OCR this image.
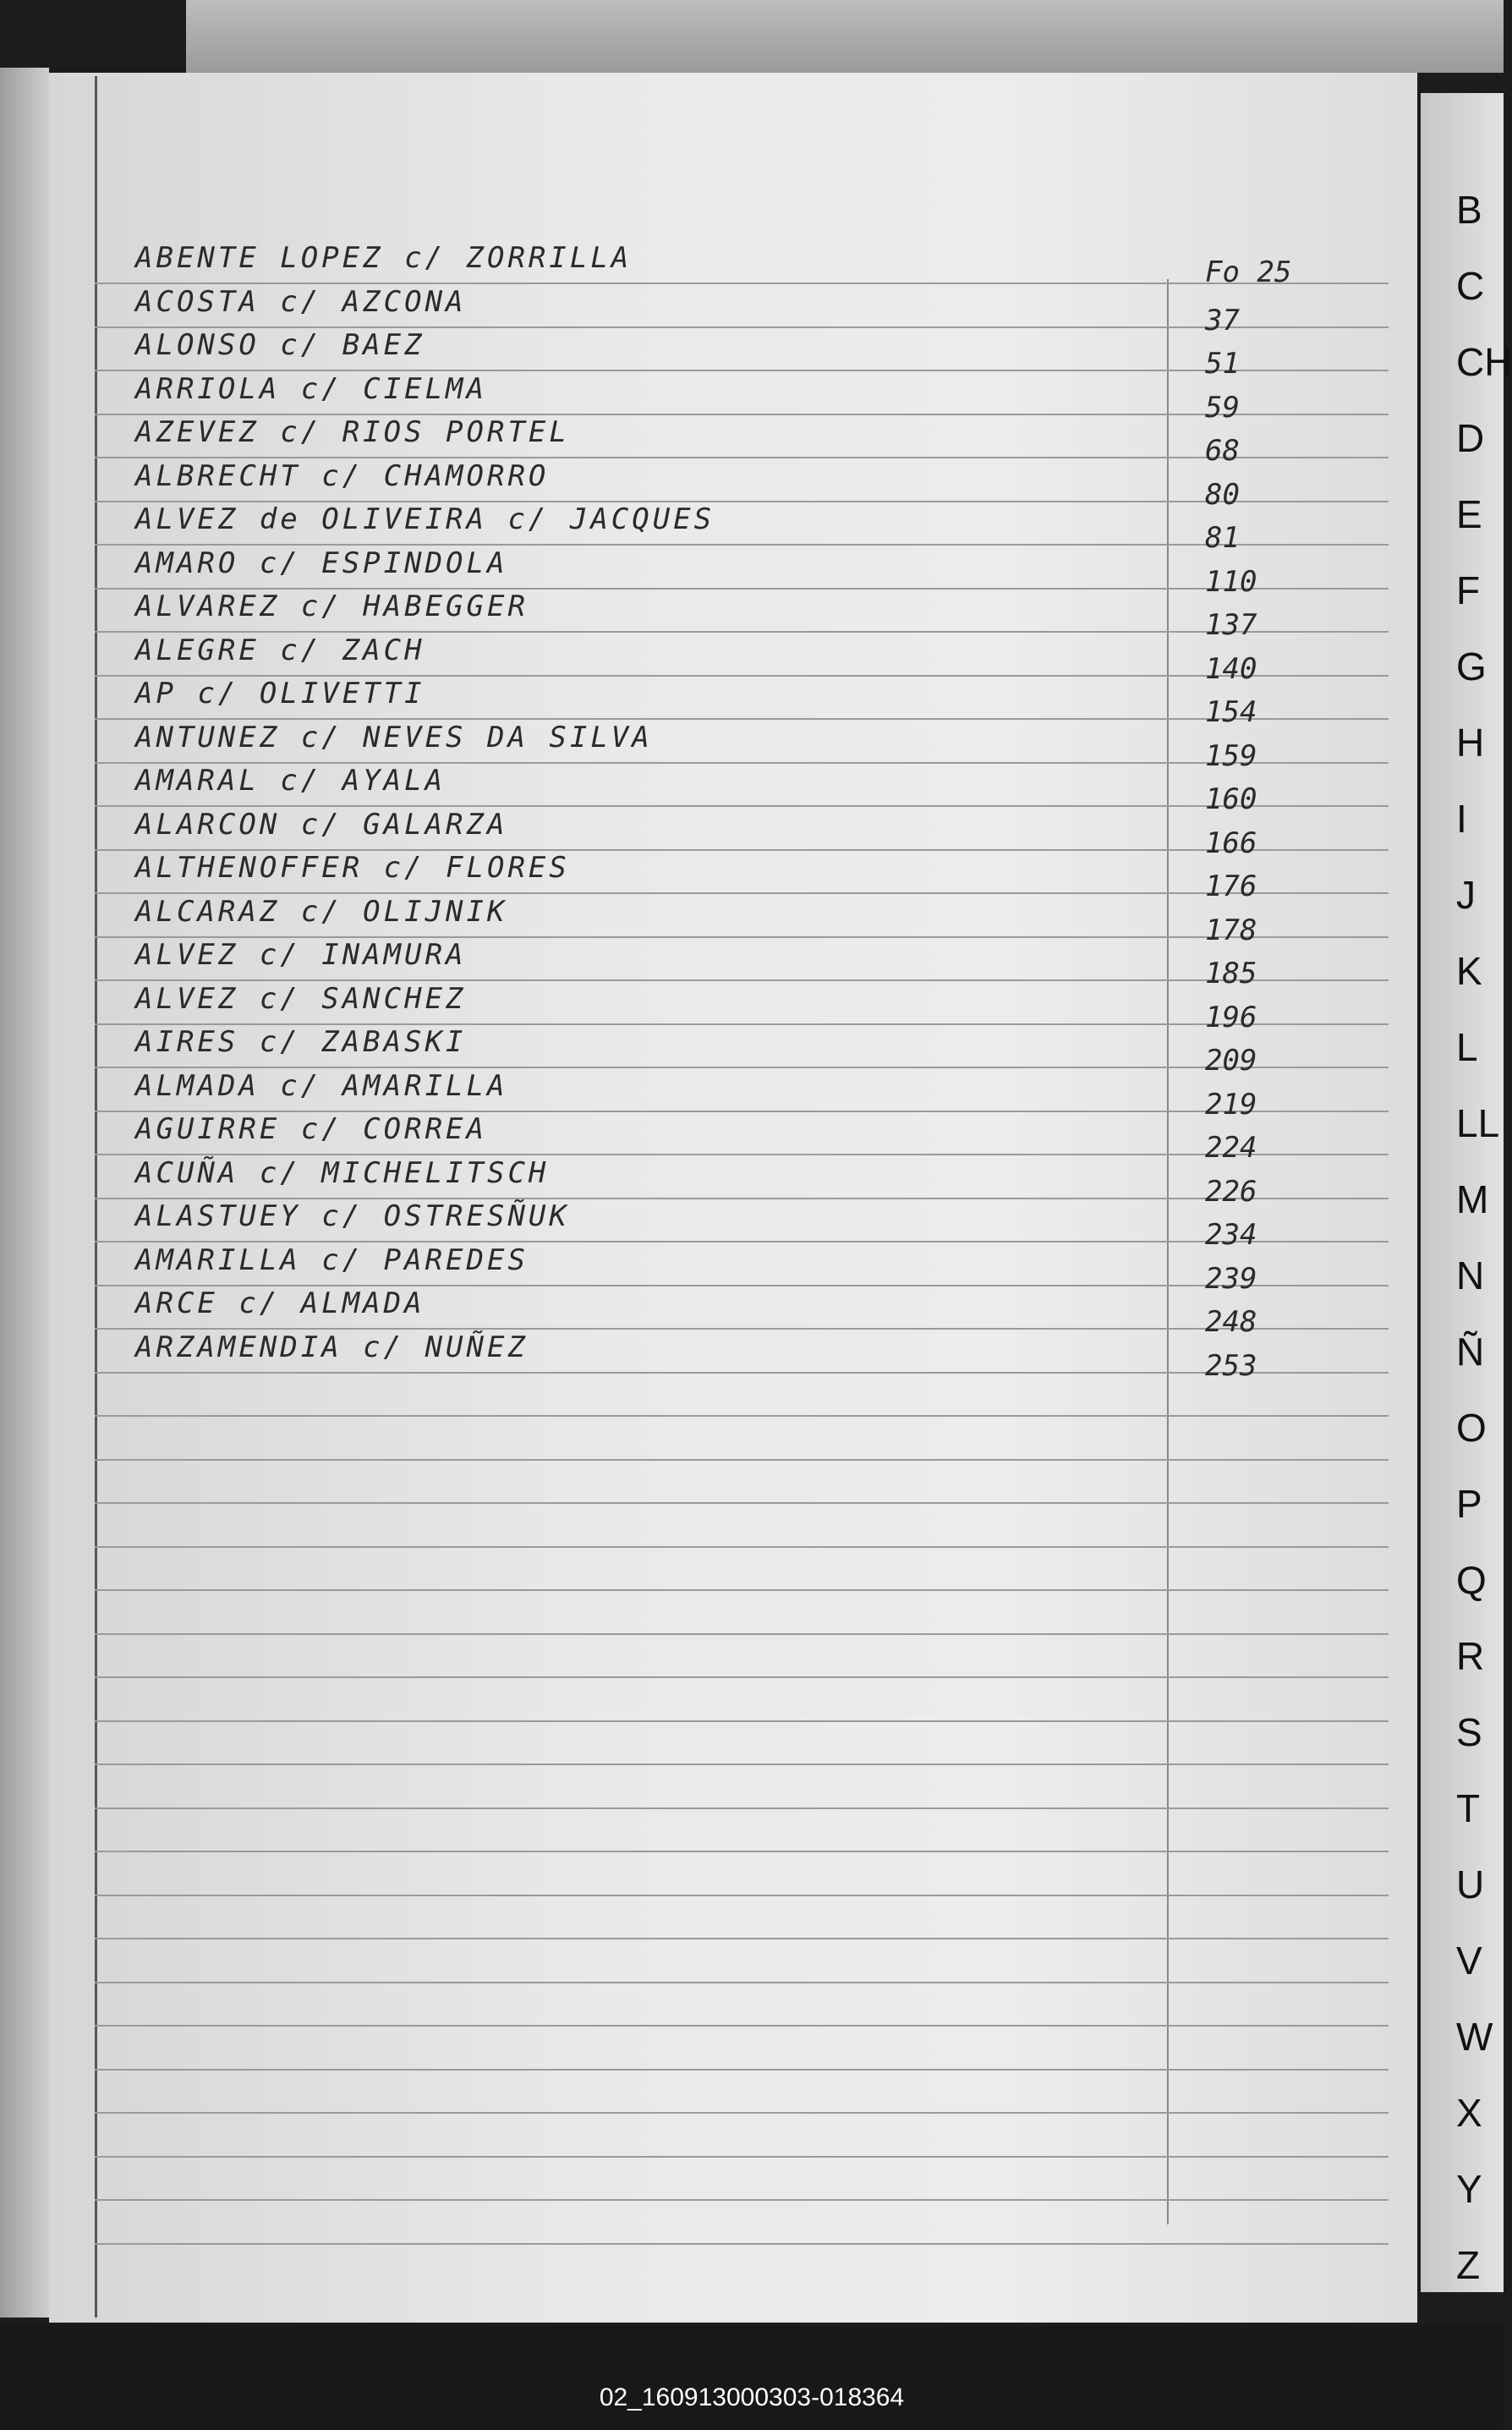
Fo 25
ABENTE LOPEZ c/ ZORRILLA
ACOSTA c/ AZCONA
37
ALONSO c/ BAEZ
51
ARRIOLA c/ CIELMA
59
AZEVEZ c/ RIOS PORTEL
68
ALBRECHT c/ CHAMORRO
80
ALVEZ de OLIVEIRA c/ JACQUES
81
AMARO c/ ESPINDOLA
110
ALVAREZ c/ HABEGGER
137
ALEGRE c/ ZACH
140
AP c/ OLIVETTI
154
ANTUNEZ c/ NEVES DA SILVA
159
AMARAL c/ AYALA
160
ALARCON c/ GALARZA
166
ALTHENOFFER c/ FLORES
176
ALCARAZ c/ OLIJNIK
178
ALVEZ c/ INAMURA
185
ALVEZ c/ SANCHEZ
196
AIRES c/ ZABASKI
209
ALMADA c/ AMARILLA
219
AGUIRRE c/ CORREA
224
ACUÑA c/ MICHELITSCH
226
ALASTUEY c/ OSTRESÑUK
234
AMARILLA c/ PAREDES
239
ARCE c/ ALMADA
248
ARZAMENDIA c/ NUÑEZ
253
B
C
CH
D
E
F
G
H
I
J
K
L
LL
M
N
Ñ
O
P
Q
R
S
T
U
V
W
X
Y
Z
02_160913000303-018364
